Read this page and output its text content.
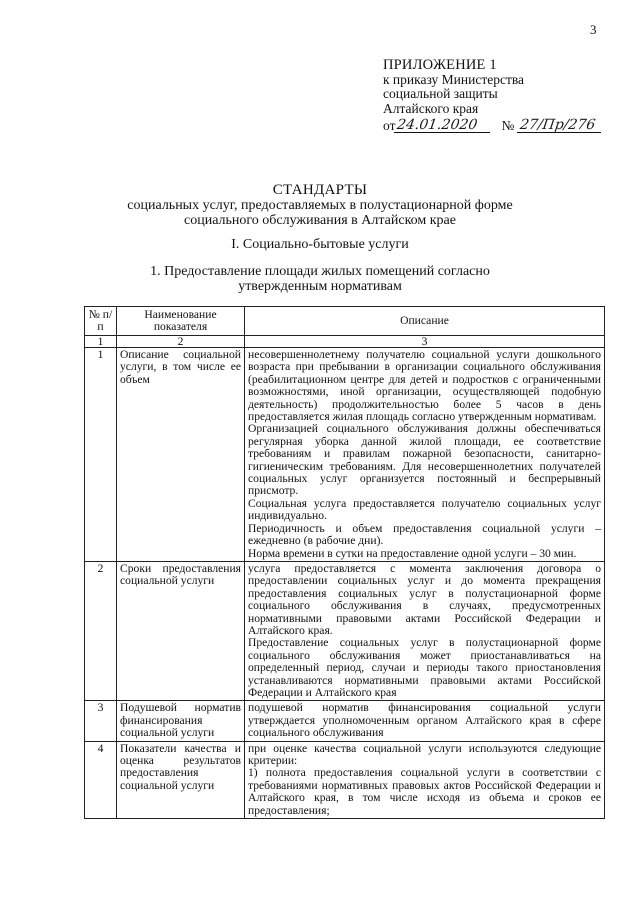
3
ПРИЛОЖЕНИЕ 1
к приказу Министерства
социальной защиты
Алтайского края
от 24.01.2020	№ 27/Пр/276
СТАНДАРТЫ
социальных услуг, предоставляемых в полустационарной форме
социального обслуживания в Алтайском крае
I. Социально-бытовые услуги
1. Предоставление площади жилых помещений согласно
утвержденным нормативам
№ п/п	Наименование показателя	Описание
1	2	3
1	Описание социальной услуги, в том числе ее объем	несовершеннолетнему получателю социальной услуги дошкольного возраста при пребывании в организации социального обслуживания (реабилитационном центре для детей и подростков с ограниченными возможностями, иной организации, осуществляющей подобную деятельность) продолжительностью более 5 часов в день предоставляется жилая площадь согласно утвержденным нормативам.
Организацией социального обслуживания должны обеспечиваться регулярная уборка данной жилой площади, ее соответствие требованиям и правилам пожарной безопасности, санитарно-гигиеническим требованиям. Для несовершеннолетних получателей социальных услуг организуется постоянный и беспрерывный присмотр.
Социальная услуга предоставляется получателю социальных услуг индивидуально.
Периодичность и объем предоставления социальной услуги – ежедневно (в рабочие дни).
Норма времени в сутки на предоставление одной услуги – 30 мин.

2	Сроки предоставления социальной услуги	услуга предоставляется с момента заключения договора о предоставлении социальных услуг и до момента прекращения предоставления социальных услуг в полустационарной форме социального обслуживания в случаях, предусмотренных нормативными правовыми актами Российской Федерации и Алтайского края.
Предоставление социальных услуг в полустационарной форме социального обслуживания может приостанавливаться на определенный период, случаи и периоды такого приостановления устанавливаются нормативными правовыми актами Российской Федерации и Алтайского края

3	Подушевой норматив финансирования социальной услуги	подушевой норматив финансирования социальной услуги утверждается уполномоченным органом Алтайского края в сфере социального обслуживания

4	Показатели качества и оценка результатов предоставления социальной услуги	при оценке качества социальной услуги используются следующие критерии:
1) полнота предоставления социальной услуги в соответствии с требованиями нормативных правовых актов Российской Федерации и Алтайского края, в том числе исходя из объема и сроков ее предоставления;
